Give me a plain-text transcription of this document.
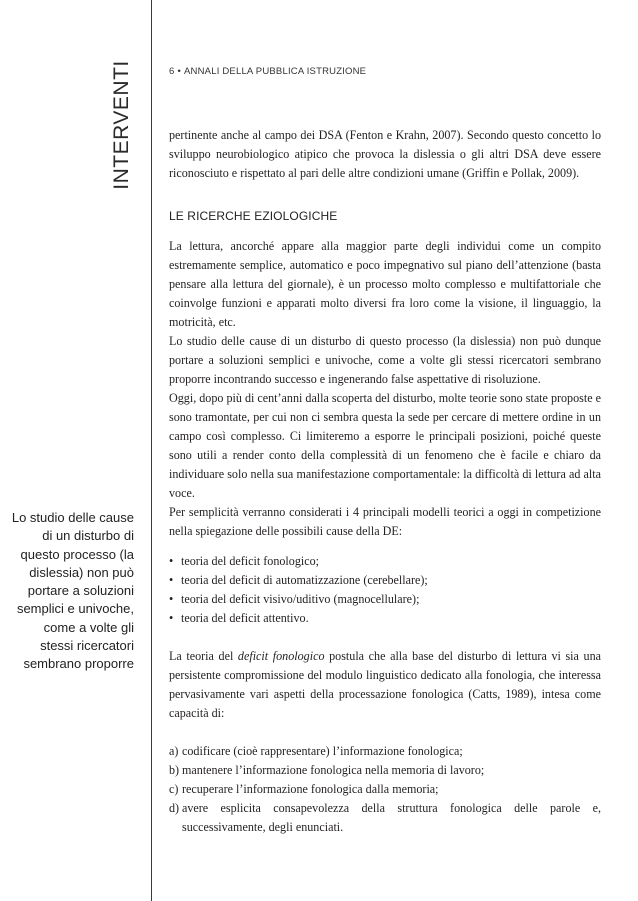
INTERVENTI	6 • ANNALI DELLA PUBBLICA ISTRUZIONE
Lo studio delle cause di un disturbo di questo processo (la dislessia) non può portare a soluzioni semplici e univoche, come a volte gli stessi ricercatori sembrano proporre

pertinente anche al campo dei DSA (Fenton e Krahn, 2007). Secondo questo concetto lo sviluppo neurobiologico atipico che provoca la dislessia o gli altri DSA deve essere riconosciuto e rispettato al pari delle altre condizioni umane (Griffin e Pollak, 2009).

LE RICERCHE EZIOLOGICHE

La lettura, ancorché appare alla maggior parte degli individui come un compito estremamente semplice, automatico e poco impegnativo sul piano dell’attenzione (basta pensare alla lettura del giornale), è un processo molto complesso e multifattoriale che coinvolge funzioni e apparati molto diversi fra loro come la visione, il linguaggio, la motricità, etc.

Lo studio delle cause di un disturbo di questo processo (la dislessia) non può dunque portare a soluzioni semplici e univoche, come a volte gli stessi ricercatori sembrano proporre incontrando successo e ingenerando false aspettative di risoluzione.

Oggi, dopo più di cent’anni dalla scoperta del disturbo, molte teorie sono state proposte e sono tramontate, per cui non ci sembra questa la sede per cercare di mettere ordine in un campo così complesso. Ci limiteremo a esporre le principali posizioni, poiché queste sono utili a render conto della complessità di un fenomeno che è facile e chiaro da individuare solo nella sua manifestazione comportamentale: la difficoltà di lettura ad alta voce.

Per semplicità verranno considerati i 4 principali modelli teorici a oggi in competizione nella spiegazione delle possibili cause della DE:

• teoria del deficit fonologico;
• teoria del deficit di automatizzazione (cerebellare);
• teoria del deficit visivo/uditivo (magnocellulare);
• teoria del deficit attentivo.

La teoria del deficit fonologico postula che alla base del disturbo di lettura vi sia una persistente compromissione del modulo linguistico dedicato alla fonologia, che interessa pervasivamente vari aspetti della processazione fonologica (Catts, 1989), intesa come capacità di:

a) codificare (cioè rappresentare) l’informazione fonologica;
b) mantenere l’informazione fonologica nella memoria di lavoro;
c) recuperare l’informazione fonologica dalla memoria;
d) avere esplicita consapevolezza della struttura fonologica delle parole e, successivamente, degli enunciati.
